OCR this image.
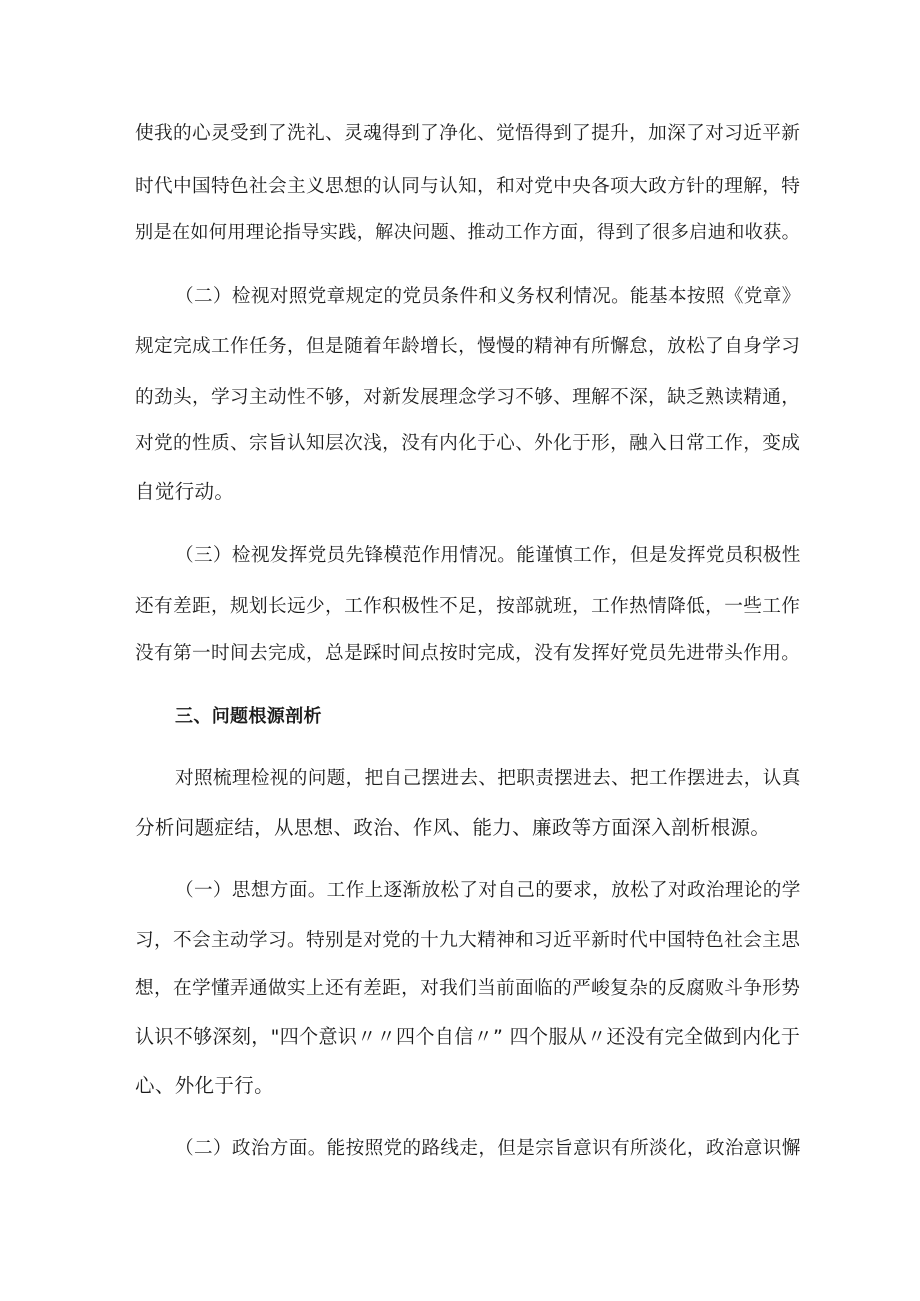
使我的心灵受到了洗礼、灵魂得到了净化、觉悟得到了提升，加深了对习近平新
时代中国特色社会主义思想的认同与认知，和对党中央各项大政方针的理解，特
别是在如何用理论指导实践，解决问题、推动工作方面，得到了很多启迪和收获。
（二）检视对照党章规定的党员条件和义务权利情况。能基本按照《党章》
规定完成工作任务，但是随着年龄增长，慢慢的精神有所懈怠，放松了自身学习
的劲头，学习主动性不够，对新发展理念学习不够、理解不深，缺乏熟读精通，
对党的性质、宗旨认知层次浅，没有内化于心、外化于形，融入日常工作，变成
自觉行动。
（三）检视发挥党员先锋模范作用情况。能谨慎工作，但是发挥党员积极性
还有差距，规划长远少，工作积极性不足，按部就班，工作热情降低，一些工作
没有第一时间去完成，总是踩时间点按时完成，没有发挥好党员先进带头作用。
三、问题根源剖析
对照梳理检视的问题，把自己摆进去、把职责摆进去、把工作摆进去，认真
分析问题症结，从思想、政治、作风、能力、廉政等方面深入剖析根源。
（一）思想方面。工作上逐渐放松了对自己的要求，放松了对政治理论的学
习，不会主动学习。特别是对党的十九大精神和习近平新时代中国特色社会主思
想，在学懂弄通做实上还有差距，对我们当前面临的严峻复杂的反腐败斗争形势
认识不够深刻，"四个意识〃〃四个自信〃” 四个服从〃还没有完全做到内化于
心、外化于行。
（二）政治方面。能按照党的路线走，但是宗旨意识有所淡化，政治意识懈
